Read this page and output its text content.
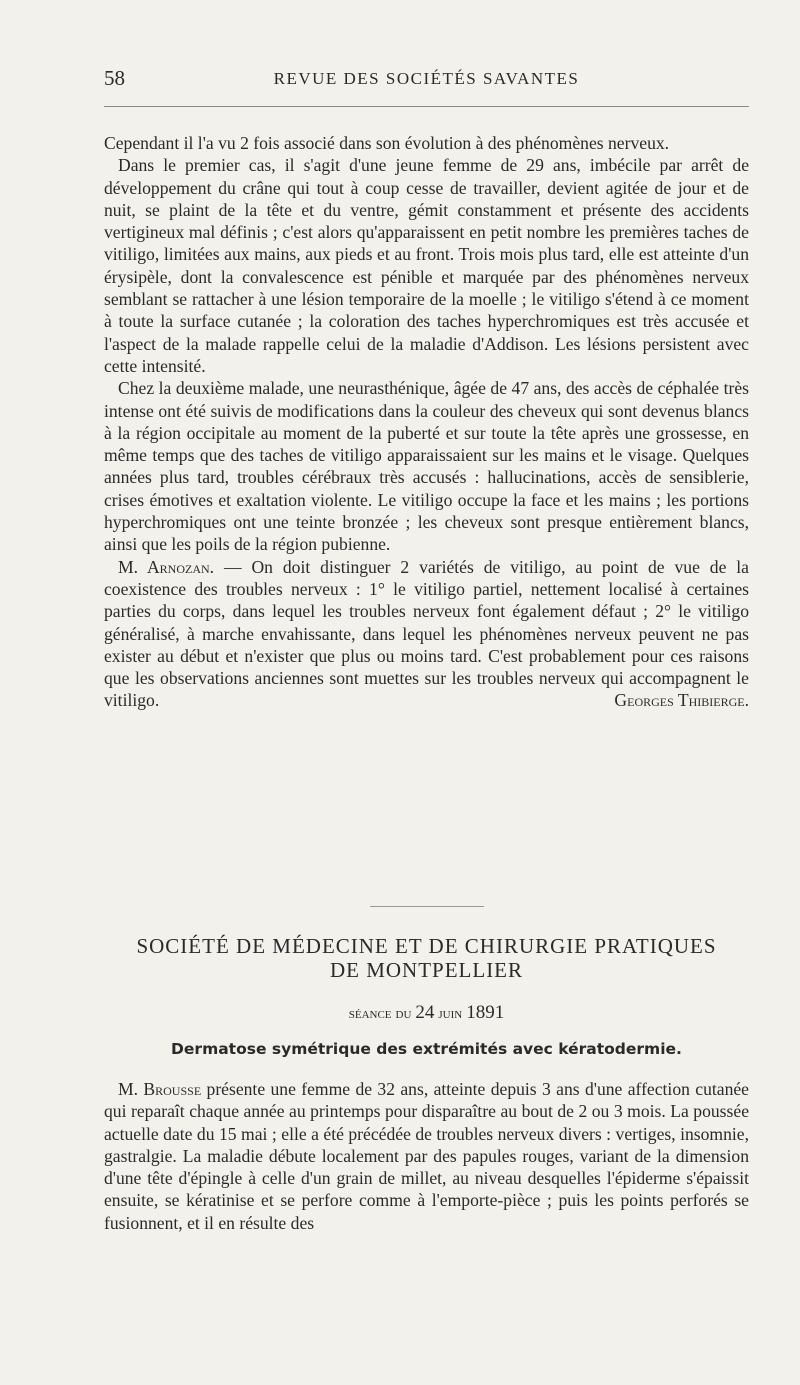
58	REVUE DES SOCIÉTÉS SAVANTES

Cependant il l'a vu 2 fois associé dans son évolution à des phénomènes nerveux.

Dans le premier cas, il s'agit d'une jeune femme de 29 ans, imbécile par arrêt de développement du crâne qui tout à coup cesse de travailler, devient agitée de jour et de nuit, se plaint de la tête et du ventre, gémit constamment et présente des accidents vertigineux mal définis ; c'est alors qu'apparaissent en petit nombre les premières taches de vitiligo, limitées aux mains, aux pieds et au front. Trois mois plus tard, elle est atteinte d'un érysipèle, dont la convalescence est pénible et marquée par des phénomènes nerveux semblant se rattacher à une lésion temporaire de la moelle ; le vitiligo s'étend à ce moment à toute la surface cutanée ; la coloration des taches hyperchromiques est très accusée et l'aspect de la malade rappelle celui de la maladie d'Addison. Les lésions persistent avec cette intensité.

Chez la deuxième malade, une neurasthénique, âgée de 47 ans, des accès de céphalée très intense ont été suivis de modifications dans la couleur des cheveux qui sont devenus blancs à la région occipitale au moment de la puberté et sur toute la tête après une grossesse, en même temps que des taches de vitiligo apparaissaient sur les mains et le visage. Quelques années plus tard, troubles cérébraux très accusés : hallucinations, accès de sensiblerie, crises émotives et exaltation violente. Le vitiligo occupe la face et les mains ; les portions hyperchromiques ont une teinte bronzée ; les cheveux sont presque entièrement blancs, ainsi que les poils de la région pubienne.

M. Arnozan. — On doit distinguer 2 variétés de vitiligo, au point de vue de la coexistence des troubles nerveux : 1° le vitiligo partiel, nettement localisé à certaines parties du corps, dans lequel les troubles nerveux font également défaut ; 2° le vitiligo généralisé, à marche envahissante, dans lequel les phénomènes nerveux peuvent ne pas exister au début et n'exister que plus ou moins tard. C'est probablement pour ces raisons que les observations anciennes sont muettes sur les troubles nerveux qui accompagnent le vitiligo.	Georges Thibierge.

SOCIÉTÉ DE MÉDECINE ET DE CHIRURGIE PRATIQUES
DE MONTPELLIER
séance du 24 juin 1891
Dermatose symétrique des extrémités avec kératodermie.

M. Brousse présente une femme de 32 ans, atteinte depuis 3 ans d'une affection cutanée qui reparaît chaque année au printemps pour disparaître au bout de 2 ou 3 mois. La poussée actuelle date du 15 mai ; elle a été précédée de troubles nerveux divers : vertiges, insomnie, gastralgie. La maladie débute localement par des papules rouges, variant de la dimension d'une tête d'épingle à celle d'un grain de millet, au niveau desquelles l'épiderme s'épaissit ensuite, se kératinise et se perfore comme à l'emporte-pièce ; puis les points perforés se fusionnent, et il en résulte des
